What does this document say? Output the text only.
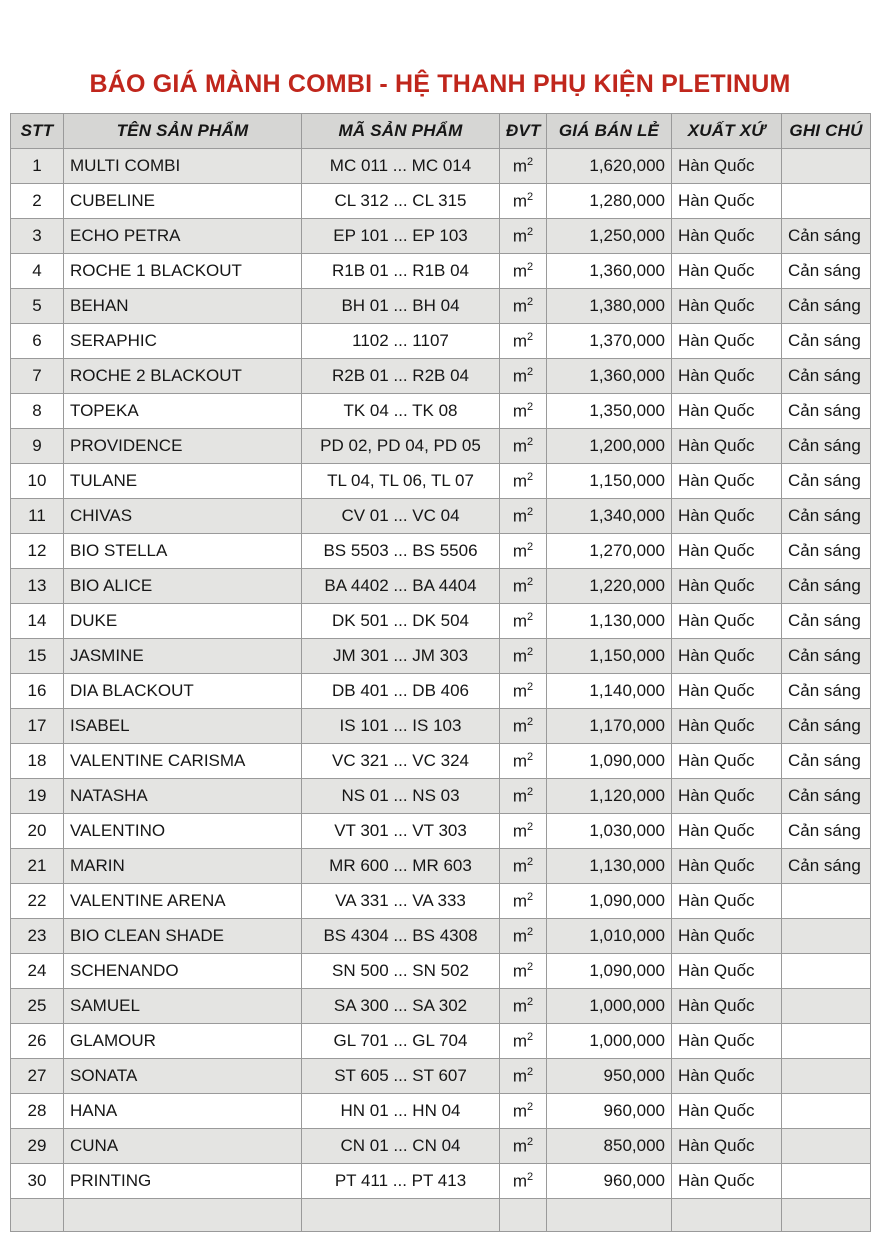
BÁO GIÁ MÀNH COMBI - HỆ THANH PHỤ KIỆN PLETINUM
STT	TÊN SẢN PHẨM	MÃ SẢN PHẨM	ĐVT	GIÁ BÁN LẺ	XUẤT XỨ	GHI CHÚ
1	MULTI COMBI	MC 011 ... MC 014	$m^2$	1,620,000	Hàn Quốc	
2	CUBELINE	CL 312 ... CL 315	$m^2$	1,280,000	Hàn Quốc	
3	ECHO PETRA	EP 101 ... EP 103	$m^2$	1,250,000	Hàn Quốc	Cản sáng
4	ROCHE 1 BLACKOUT	R1B 01 ... R1B 04	$m^2$	1,360,000	Hàn Quốc	Cản sáng
5	BEHAN	BH 01 ... BH 04	$m^2$	1,380,000	Hàn Quốc	Cản sáng
6	SERAPHIC	1102 ... 1107	$m^2$	1,370,000	Hàn Quốc	Cản sáng
7	ROCHE 2 BLACKOUT	R2B 01 ... R2B 04	$m^2$	1,360,000	Hàn Quốc	Cản sáng
8	TOPEKA	TK 04 ... TK 08	$m^2$	1,350,000	Hàn Quốc	Cản sáng
9	PROVIDENCE	PD 02, PD 04, PD 05	$m^2$	1,200,000	Hàn Quốc	Cản sáng
10	TULANE	TL 04, TL 06, TL 07	$m^2$	1,150,000	Hàn Quốc	Cản sáng
11	CHIVAS	CV 01 ... VC 04	$m^2$	1,340,000	Hàn Quốc	Cản sáng
12	BIO STELLA	BS 5503 ... BS 5506	$m^2$	1,270,000	Hàn Quốc	Cản sáng
13	BIO ALICE	BA 4402 ... BA 4404	$m^2$	1,220,000	Hàn Quốc	Cản sáng
14	DUKE	DK 501 ... DK 504	$m^2$	1,130,000	Hàn Quốc	Cản sáng
15	JASMINE	JM 301 ... JM 303	$m^2$	1,150,000	Hàn Quốc	Cản sáng
16	DIA BLACKOUT	DB 401 ... DB 406	$m^2$	1,140,000	Hàn Quốc	Cản sáng
17	ISABEL	IS 101 ... IS 103	$m^2$	1,170,000	Hàn Quốc	Cản sáng
18	VALENTINE CARISMA	VC 321 ... VC 324	$m^2$	1,090,000	Hàn Quốc	Cản sáng
19	NATASHA	NS 01 ... NS 03	$m^2$	1,120,000	Hàn Quốc	Cản sáng
20	VALENTINO	VT 301 ... VT 303	$m^2$	1,030,000	Hàn Quốc	Cản sáng
21	MARIN	MR 600 ... MR 603	$m^2$	1,130,000	Hàn Quốc	Cản sáng
22	VALENTINE ARENA	VA 331 ... VA 333	$m^2$	1,090,000	Hàn Quốc	
23	BIO CLEAN SHADE	BS 4304 ... BS 4308	$m^2$	1,010,000	Hàn Quốc	
24	SCHENANDO	SN 500 ... SN 502	$m^2$	1,090,000	Hàn Quốc	
25	SAMUEL	SA 300 ... SA 302	$m^2$	1,000,000	Hàn Quốc	
26	GLAMOUR	GL 701 ... GL 704	$m^2$	1,000,000	Hàn Quốc	
27	SONATA	ST 605 ... ST 607	$m^2$	950,000	Hàn Quốc	
28	HANA	HN 01 ... HN 04	$m^2$	960,000	Hàn Quốc	
29	CUNA	CN 01 ... CN 04	$m^2$	850,000	Hàn Quốc	
30	PRINTING	PT 411 ... PT 413	$m^2$	960,000	Hàn Quốc	
